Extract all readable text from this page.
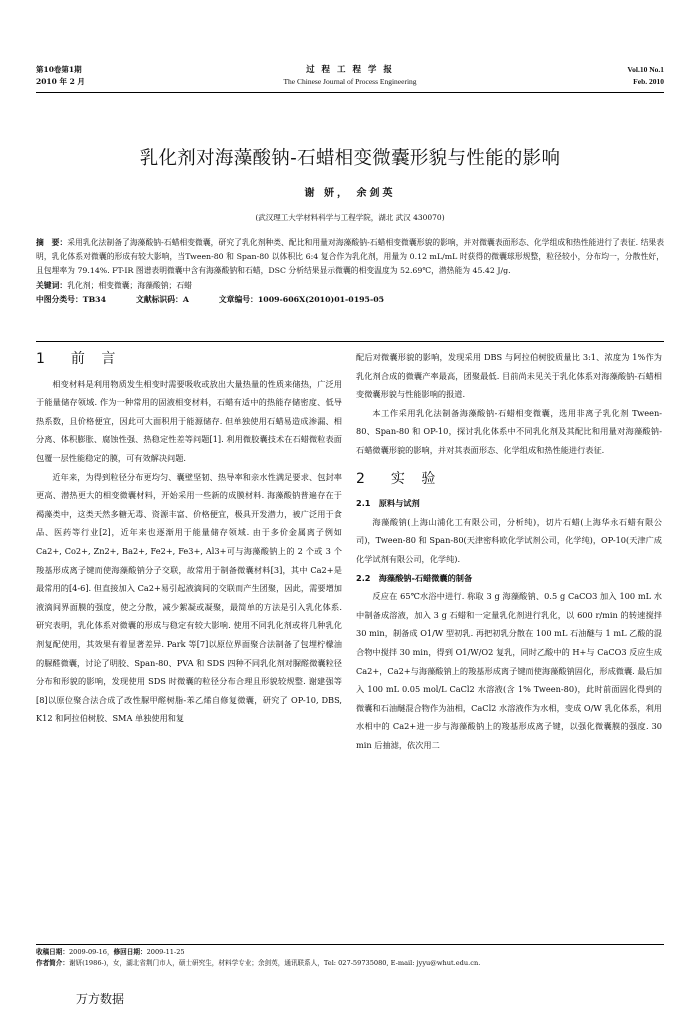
第10卷第1期
2010 年 2 月
过 程 工 程 学 报
The Chinese Journal of Process Engineering
Vol.10 No.1
Feb. 2010
乳化剂对海藻酸钠-石蜡相变微囊形貌与性能的影响
谢 妍， 余剑英
(武汉理工大学材料科学与工程学院，湖北 武汉 430070)

摘　要：采用乳化法制备了海藻酸钠-石蜡相变微囊，研究了乳化剂种类、配比和用量对海藻酸钠-石蜡相变微囊形貌的影响，并对微囊表面形态、化学组成和热性能进行了表征. 结果表明，乳化体系对微囊的形成有较大影响，当Tween-80 和 Span-80 以体积比 6:4 复合作为乳化剂，用量为 0.12 mL/mL 时获得的微囊球形规整，粒径较小，分布均一，分散性好，且包埋率为 79.14%. FT-IR 图谱表明微囊中含有海藻酸钠和石蜡，DSC 分析结果显示微囊的相变温度为 52.69℃，潜热能为 45.42 J/g.

关键词：乳化剂；相变微囊；海藻酸钠；石蜡

中图分类号：TB34	文献标识码：A	文章编号：1009-606X(2010)01-0195-05

1　前 言

相变材料是利用物质发生相变时需要吸收或放出大量热量的性质来储热，广泛用于能量储存领域. 作为一种常用的固液相变材料，石蜡有适中的热能存储密度、低导热系数，且价格便宜，因此可大面积用于能源储存. 但单独使用石蜡易造成渗漏、相分离、体积膨胀、腐蚀性强、热稳定性差等问题[1]. 利用微胶囊技术在石蜡微粒表面包覆一层性能稳定的膜，可有效解决问题.

近年来，为得到粒径分布更均匀、囊壁坚韧、热导率和亲水性满足要求、包封率更高、潜热更大的相变微囊材料，开始采用一些新的成膜材料. 海藻酸钠普遍存在于褐藻类中，这类天然多糖无毒、资源丰富、价格便宜，极具开发潜力，被广泛用于食品、医药等行业[2]，近年来也逐渐用于能量储存领域. 由于多价金属离子例如 Ca2+, Co2+, Zn2+, Ba2+, Fe2+, Fe3+, Al3+可与海藻酸钠上的 2 个或 3 个羧基形成离子键而使海藻酸钠分子交联，故常用于制备微囊材料[3]，其中 Ca2+是最常用的[4-6]. 但直接加入 Ca2+易引起液滴间的交联而产生团聚，因此，需要增加液滴间界面膜的强度，使之分散，减少絮凝或凝聚，最简单的方法是引入乳化体系. 研究表明，乳化体系对微囊的形成与稳定有较大影响. 使用不同乳化剂或将几种乳化剂复配使用，其效果有着显著差异. Park 等[7]以原位界面聚合法制备了包埋柠檬油的脲醛微囊，讨论了明胶、Span-80、PVA 和 SDS 四种不同乳化剂对脲醛微囊粒径分布和形貌的影响，发现使用 SDS 时微囊的粒径分布合理且形貌较规整. 谢建强等[8]以原位聚合法合成了改性脲甲醛树脂-苯乙烯自修复微囊，研究了 OP-10, DBS, K12 和阿拉伯树胶、SMA 单独使用和复

配后对微囊形貌的影响，发现采用 DBS 与阿拉伯树胶质量比 3:1、浓度为 1%作为乳化剂合成的微囊产率最高，团聚最低. 目前尚未见关于乳化体系对海藻酸钠-石蜡相变微囊形貌与性能影响的报道.

本工作采用乳化法制备海藻酸钠-石蜡相变微囊，选用非离子乳化剂 Tween-80、Span-80 和 OP-10，探讨乳化体系中不同乳化剂及其配比和用量对海藻酸钠-石蜡微囊形貌的影响，并对其表面形态、化学组成和热性能进行表征.

2　实 验
2.1　原料与试剂

海藻酸钠(上海山浦化工有限公司，分析纯)，切片石蜡(上海华永石蜡有限公司)，Tween-80 和 Span-80(天津密科欧化学试剂公司，化学纯)，OP-10(天津广成化学试剂有限公司，化学纯).

2.2　海藻酸钠-石蜡微囊的制备

反应在 65℃水浴中进行. 称取 3 g 海藻酸钠、0.5 g CaCO3 加入 100 mL 水中制备成溶液，加入 3 g 石蜡和一定量乳化剂进行乳化，以 600 r/min 的转速搅拌 30 min，制备成 O1/W 型初乳. 再把初乳分散在 100 mL 石油醚与 1 mL 乙酸的混合物中搅拌 30 min，得到 O1/W/O2 复乳，同时乙酸中的 H+与 CaCO3 反应生成 Ca2+，Ca2+与海藻酸钠上的羧基形成离子键而使海藻酸钠固化，形成微囊. 最后加入 100 mL 0.05 mol/L CaCl2 水溶液(含 1% Tween-80)，此时前面固化得到的微囊和石油醚混合物作为油相，CaCl2 水溶液作为水相，变成 O/W 乳化体系，利用水相中的 Ca2+进一步与海藻酸钠上的羧基形成离子键，以强化微囊膜的强度. 30 min 后抽滤，依次用二

收稿日期：2009-09-16，修回日期：2009-11-25

作者简介：谢妍(1986-)，女，湖北省荆门市人，硕士研究生，材料学专业；余剑英，通讯联系人，Tel: 027-59735080, E-mail: jyyu@whut.edu.cn.

万方数据
